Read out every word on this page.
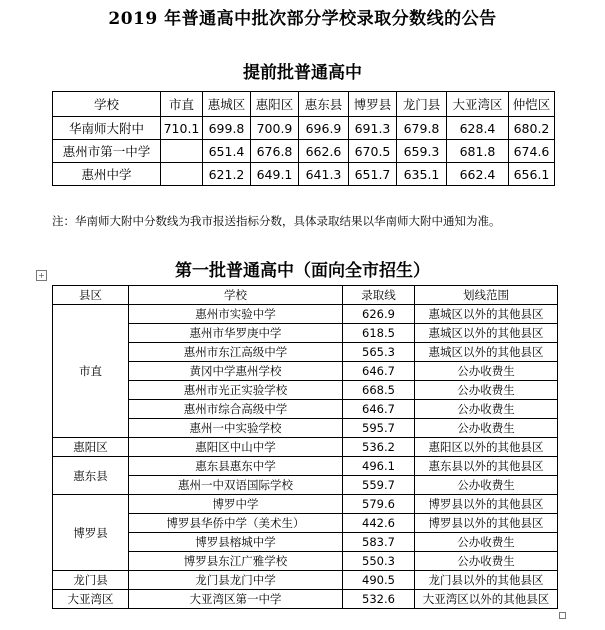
2019 年普通高中批次部分学校录取分数线的公告
提前批普通高中
学校	市直	惠城区	惠阳区	惠东县	博罗县	龙门县	大亚湾区	仲恺区
华南师大附中	710.1	699.8	700.9	696.9	691.3	679.8	628.4	680.2
惠州市第一中学		651.4	676.8	662.6	670.5	659.3	681.8	674.6
惠州中学		621.2	649.1	641.3	651.7	635.1	662.4	656.1
注：华南师大附中分数线为我市报送指标分数，具体录取结果以华南师大附中通知为准。
第一批普通高中（面向全市招生）
+
县区	学校	录取线	划线范围
市直	惠州市实验中学	626.9	惠城区以外的其他县区
	惠州市华罗庚中学	618.5	惠城区以外的其他县区
	惠州市东江高级中学	565.3	惠城区以外的其他县区
	黄冈中学惠州学校	646.7	公办收费生
	惠州市光正实验学校	668.5	公办收费生
	惠州市综合高级中学	646.7	公办收费生
	惠州一中实验学校	595.7	公办收费生
惠阳区	惠阳区中山中学	536.2	惠阳区以外的其他县区
惠东县	惠东县惠东中学	496.1	惠东县以外的其他县区
	惠州一中双语国际学校	559.7	公办收费生
博罗县	博罗中学	579.6	博罗县以外的其他县区
	博罗县华侨中学（美术生）	442.6	博罗县以外的其他县区
	博罗县榕城中学	583.7	公办收费生
	博罗县东江广雅学校	550.3	公办收费生
龙门县	龙门县龙门中学	490.5	龙门县以外的其他县区
大亚湾区	大亚湾区第一中学	532.6	大亚湾区以外的其他县区
